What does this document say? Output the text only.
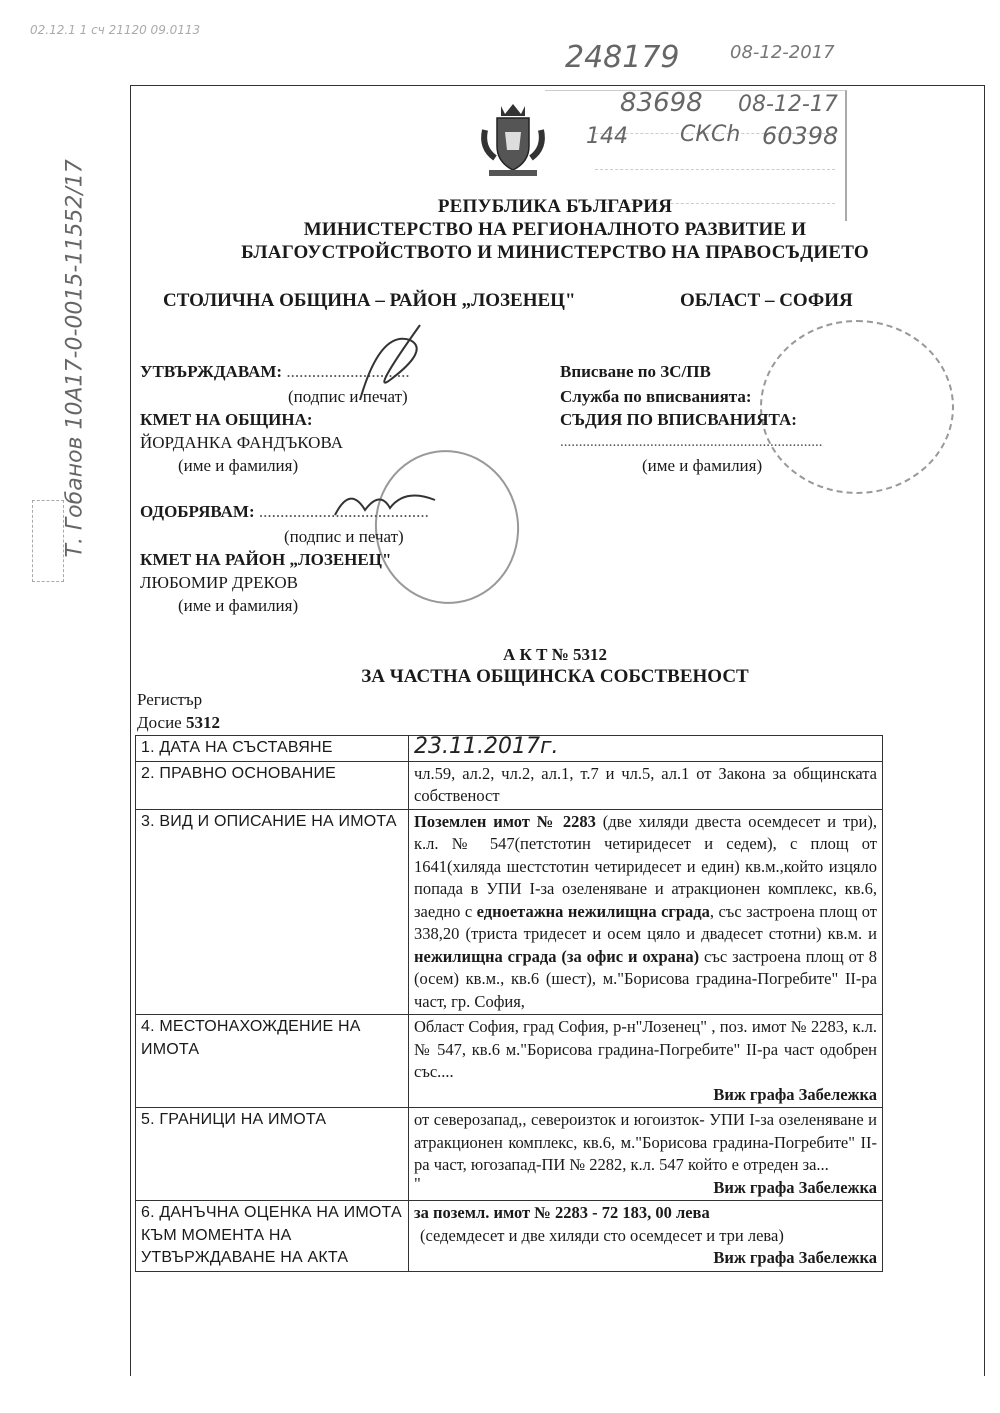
02.12.1 1 сч 21120 09.0113
248179	08-12-2017
83698 08-12-17
144 СКСh 60398
РЕПУБЛИКА БЪЛГАРИЯ
МИНИСТЕРСТВО НА РЕГИОНАЛНОТО РАЗВИТИЕ И
БЛАГОУСТРОЙСТВОТО И МИНИСТЕРСТВО НА ПРАВОСЪДИЕТО
СТОЛИЧНА ОБЩИНА – РАЙОН „ЛОЗЕНЕЦ"	ОБЛАСТ – СОФИЯ
Т. Гобанов 10А17-0-0015-11552/17	УТВЪРЖДАВАМ: .............................
(подпис и печат)
КМЕТ НА ОБЩИНА:
ЙОРДАНКА ФАНДЪКОВА
(име и фамилия)
ОДОБРЯВАМ: ........................................
(подпис и печат)
КМЕТ НА РАЙОН „ЛОЗЕНЕЦ"
ЛЮБОМИР ДРЕКОВ
(име и фамилия)
Вписване по ЗС/ПВ
Служба по вписванията:
СЪДИЯ ПО ВПИСВАНИЯТА:
......................................................................
(име и фамилия)
А К Т № 5312
ЗА ЧАСТНА ОБЩИНСКА СОБСТВЕНОСТ
Регистър
Досие 5312
1. ДАТА НА СЪСТАВЯНЕ	23.11.2017г.
2. ПРАВНО ОСНОВАНИЕ	чл.59, ал.2, чл.2, ал.1, т.7 и чл.5, ал.1 от Закона за общинската собственост
3. ВИД И ОПИСАНИЕ НА ИМОТА	Поземлен имот № 2283 (две хиляди двеста осемдесет и три), к.л. № 547(петстотин четиридесет и седем), с площ от 1641(хиляда шестстотин четиридесет и един) кв.м.,който изцяло попада в УПИ I-за озеленяване и атракционен комплекс, кв.6, заедно с едноетажна нежилищна сграда, със застроена площ от 338,20 (триста тридесет и осем цяло и двадесет стотни) кв.м. и нежилищна сграда (за офис и охрана) със застроена площ от 8 (осем) кв.м., кв.6 (шест), м."Борисова градина-Погребите" II-ра част, гр. София,
4. МЕСТОНАХОЖДЕНИЕ НА ИМОТА	Област София, град София, р-н"Лозенец" , поз. имот № 2283, к.л.№ 547, кв.6 м."Борисова градина-Погребите" II-ра част одобрен със....
Виж графа Забележка

5. ГРАНИЦИ НА ИМОТА	от северозапад,, североизток и югоизток- УПИ I-за озеленяване и атракционен комплекс, кв.6, м."Борисова градина-Погребите" II-ра част, югозапад-ПИ № 2282, к.л. 547 който е отреден за...
" Виж графа Забележка

6. ДАНЪЧНА ОЦЕНКА НА ИМОТА КЪМ МОМЕНТА НА УТВЪРЖДАВАНЕ НА АКТА	за позeмл. имот № 2283 - 72 183, 00 лева
(седемдесет и две хиляди сто осемдесет и три лева)
Виж графа Забележка
